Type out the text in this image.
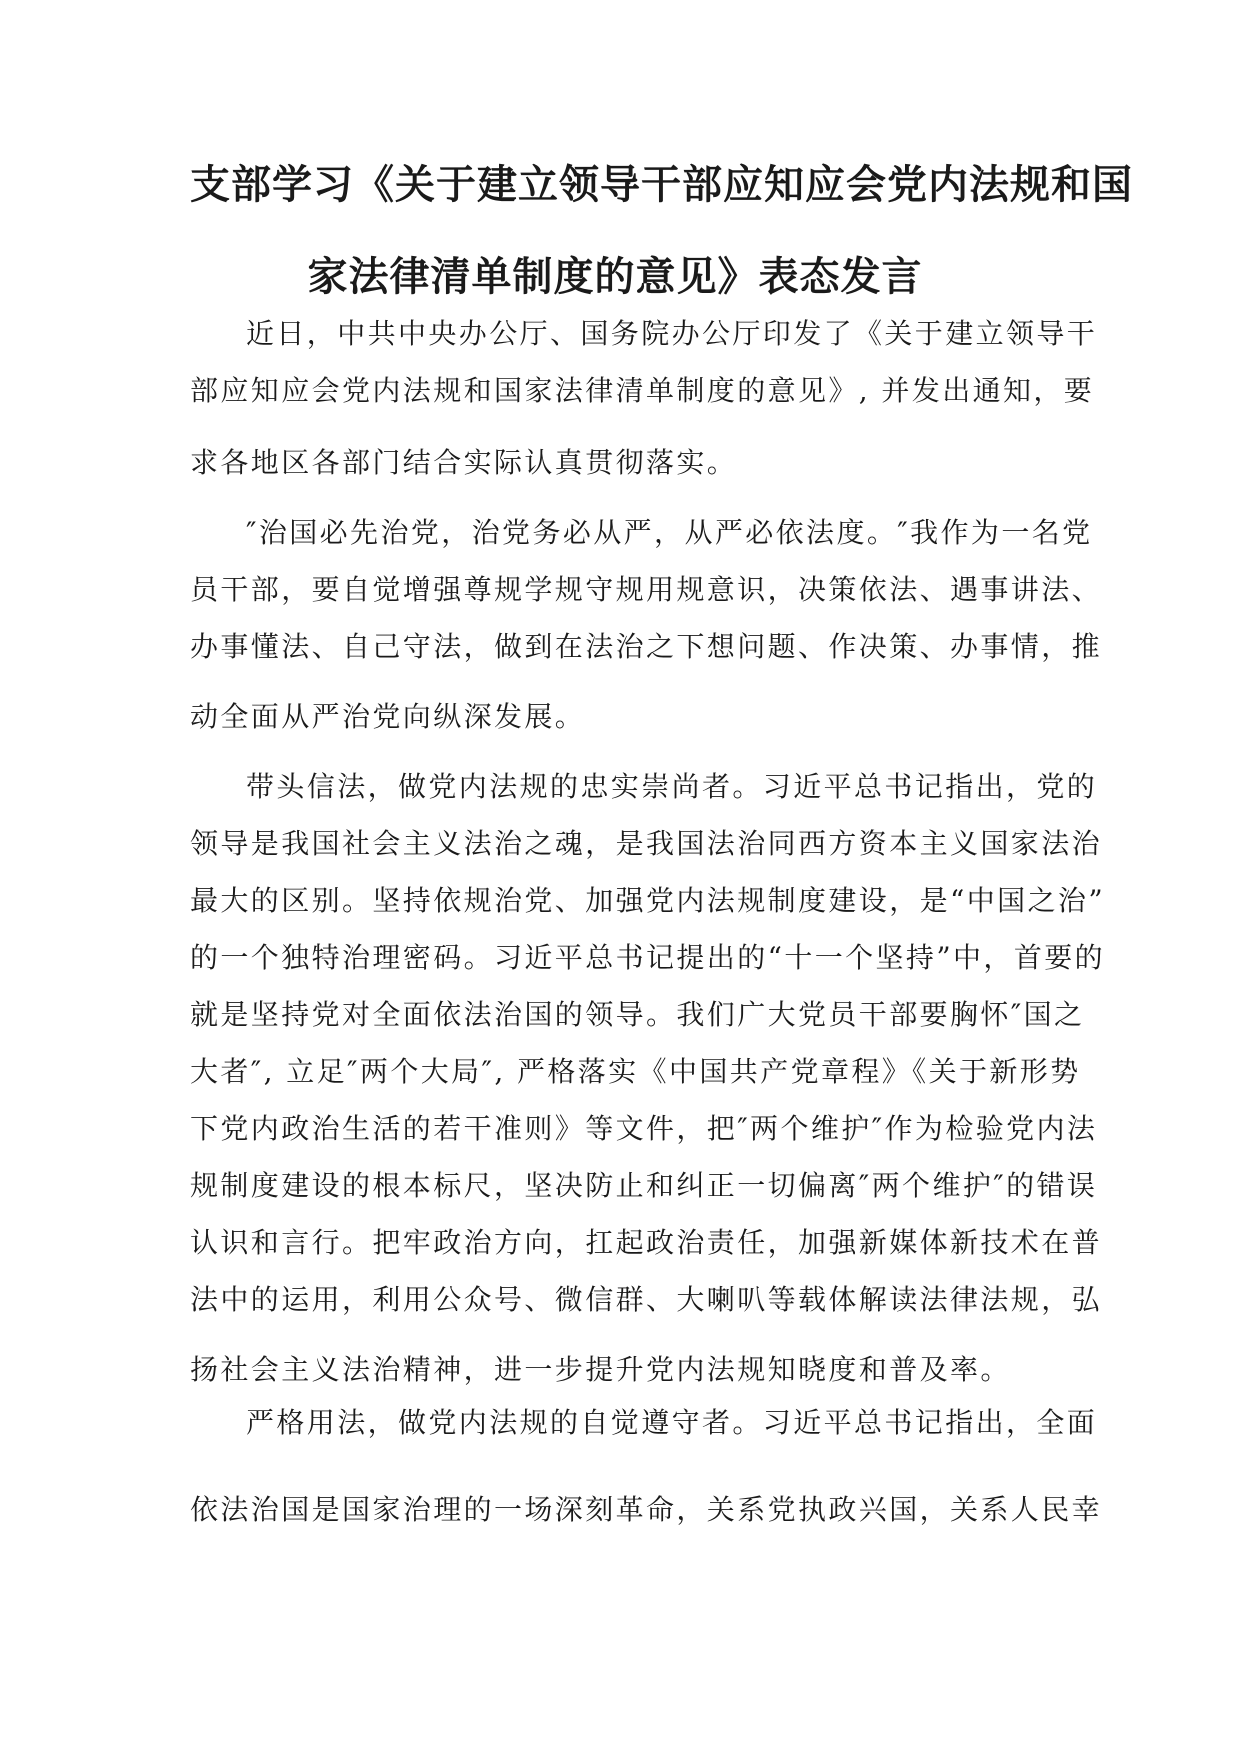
支部学习《关于建立领导干部应知应会党内法规和国
家法律清单制度的意见》表态发言
近日，中共中央办公厅、国务院办公厅印发了《关于建立领导干
部应知应会党内法规和国家法律清单制度的意见》, 并发出通知，要
求各地区各部门结合实际认真贯彻落实。
″治国必先治党，治党务必从严，从严必依法度。″我作为一名党
员干部，要自觉增强尊规学规守规用规意识，决策依法、遇事讲法、
办事懂法、自己守法，做到在法治之下想问题、作决策、办事情，推
动全面从严治党向纵深发展。
带头信法，做党内法规的忠实崇尚者。习近平总书记指出，党的
领导是我国社会主义法治之魂，是我国法治同西方资本主义国家法治
最大的区别。坚持依规治党、加强党内法规制度建设，是“中国之治”
的一个独特治理密码。习近平总书记提出的“十一个坚持”中，首要的
就是坚持党对全面依法治国的领导。我们广大党员干部要胸怀″国之
大者″, 立足″两个大局″, 严格落实《中国共产党章程》《关于新形势
下党内政治生活的若干准则》等文件，把″两个维护″作为检验党内法
规制度建设的根本标尺，坚决防止和纠正一切偏离″两个维护″的错误
认识和言行。把牢政治方向，扛起政治责任，加强新媒体新技术在普
法中的运用，利用公众号、微信群、大喇叭等载体解读法律法规，弘
扬社会主义法治精神，进一步提升党内法规知晓度和普及率。
严格用法，做党内法规的自觉遵守者。习近平总书记指出，全面
依法治国是国家治理的一场深刻革命，关系党执政兴国，关系人民幸
